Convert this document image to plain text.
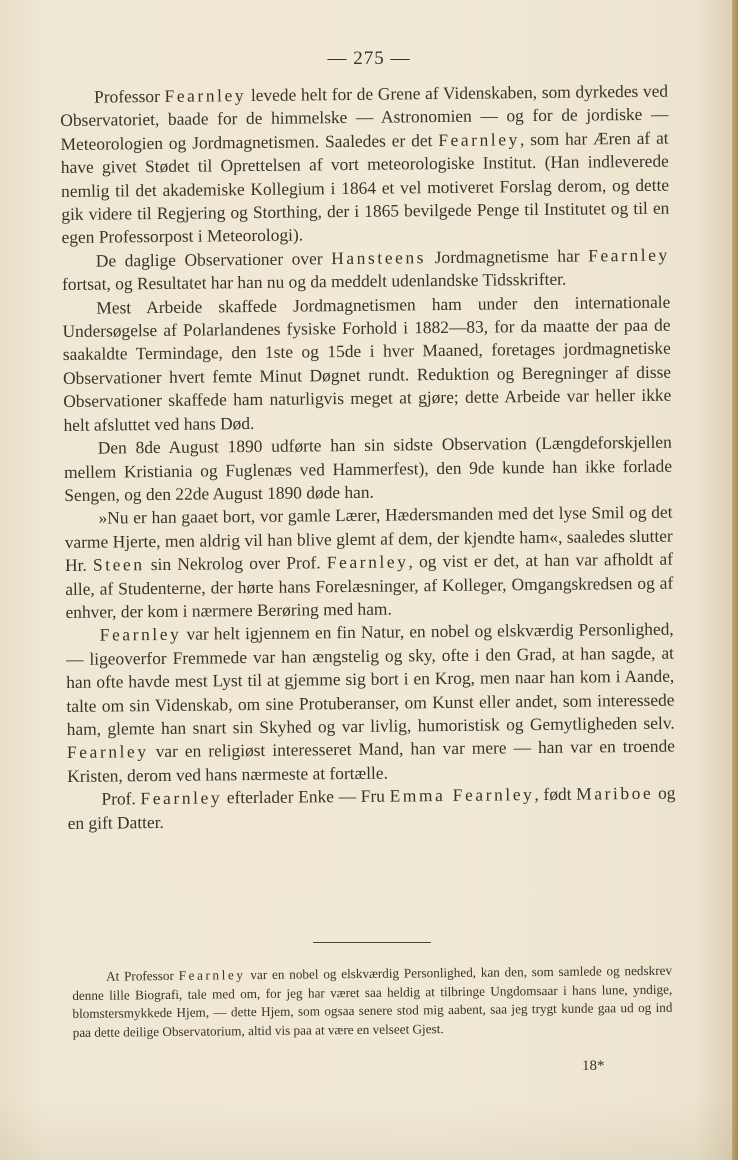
— 275 —

Professor Fearnley levede helt for de Grene af Videnskaben, som dyrkedes ved Observatoriet, baade for de himmelske — Astronomien — og for de jordiske — Meteorologien og Jordmagnetismen. Saaledes er det Fearnley, som har Æren af at have givet Stødet til Oprettelsen af vort meteorologiske Institut. (Han indleverede nemlig til det akademiske Kollegium i 1864 et vel motiveret Forslag derom, og dette gik videre til Regjering og Storthing, der i 1865 bevilgede Penge til Institutet og til en egen Professorpost i Meteorologi).

De daglige Observationer over Hansteens Jordmagnetisme har Fearnley fortsat, og Resultatet har han nu og da meddelt udenlandske Tidsskrifter.

Mest Arbeide skaffede Jordmagnetismen ham under den internationale Undersøgelse af Polarlandenes fysiske Forhold i 1882—83, for da maatte der paa de saakaldte Termindage, den 1ste og 15de i hver Maaned, foretages jordmagnetiske Observationer hvert femte Minut Døgnet rundt. Reduktion og Beregninger af disse Observationer skaffede ham naturligvis meget at gjøre; dette Arbeide var heller ikke helt afsluttet ved hans Død.

Den 8de August 1890 udførte han sin sidste Observation (Længdeforskjellen mellem Kristiania og Fuglenæs ved Hammerfest), den 9de kunde han ikke forlade Sengen, og den 22de August 1890 døde han.

»Nu er han gaaet bort, vor gamle Lærer, Hædersmanden med det lyse Smil og det varme Hjerte, men aldrig vil han blive glemt af dem, der kjendte ham«, saaledes slutter Hr. Steen sin Nekrolog over Prof. Fearnley, og vist er det, at han var afholdt af alle, af Studenterne, der hørte hans Forelæsninger, af Kolleger, Omgangskredsen og af enhver, der kom i nærmere Berøring med ham.

Fearnley var helt igjennem en fin Natur, en nobel og elskværdig Personlighed, — ligeoverfor Fremmede var han ængstelig og sky, ofte i den Grad, at han sagde, at han ofte havde mest Lyst til at gjemme sig bort i en Krog, men naar han kom i Aande, talte om sin Videnskab, om sine Protuberanser, om Kunst eller andet, som interessede ham, glemte han snart sin Skyhed og var livlig, humoristisk og Gemytligheden selv. Fearnley var en religiøst interesseret Mand, han var mere — han var en troende Kristen, derom ved hans nærmeste at fortælle.

Prof. Fearnley efterlader Enke — Fru Emma Fearnley, født Mariboe og en gift Datter.

At Professor Fearnley var en nobel og elskværdig Personlighed, kan den, som samlede og nedskrev denne lille Biografi, tale med om, for jeg har været saa heldig at tilbringe Ungdomsaar i hans lune, yndige, blomstersmykkede Hjem, — dette Hjem, som ogsaa senere stod mig aabent, saa jeg trygt kunde gaa ud og ind paa dette deilige Observatorium, altid vis paa at være en velseet Gjest.

18*
